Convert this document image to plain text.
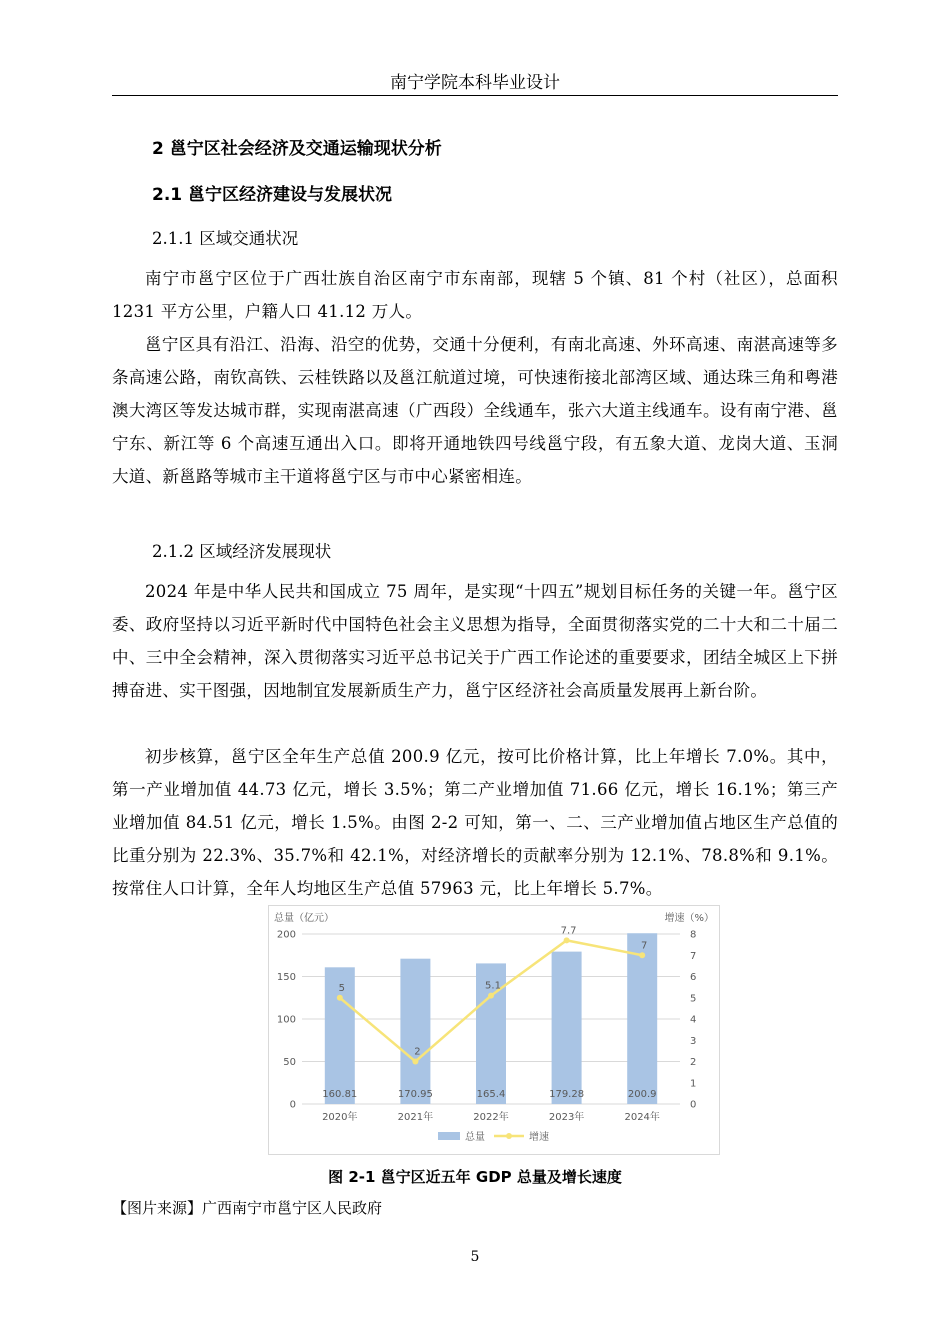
南宁学院本科毕业设计
2 邕宁区社会经济及交通运输现状分析
2.1 邕宁区经济建设与发展状况
2.1.1 区域交通状况

南宁市邕宁区位于广西壮族自治区南宁市东南部，现辖 5 个镇、81 个村（社区），总面积 1231 平方公里，户籍人口 41.12 万人。

邕宁区具有沿江、沿海、沿空的优势，交通十分便利，有南北高速、外环高速、南湛高速等多条高速公路，南钦高铁、云桂铁路以及邕江航道过境，可快速衔接北部湾区域、通达珠三角和粤港澳大湾区等发达城市群，实现南湛高速（广西段）全线通车，张六大道主线通车。设有南宁港、邕宁东、新江等 6 个高速互通出入口。即将开通地铁四号线邕宁段，有五象大道、龙岗大道、玉洞大道、新邕路等城市主干道将邕宁区与市中心紧密相连。

2.1.2 区域经济发展现状

2024 年是中华人民共和国成立 75 周年，是实现“十四五”规划目标任务的关键一年。邕宁区委、政府坚持以习近平新时代中国特色社会主义思想为指导，全面贯彻落实党的二十大和二十届二中、三中全会精神，深入贯彻落实习近平总书记关于广西工作论述的重要要求，团结全城区上下拼搏奋进、实干图强，因地制宜发展新质生产力，邕宁区经济社会高质量发展再上新台阶。

初步核算，邕宁区全年生产总值 200.9 亿元，按可比价格计算，比上年增长 7.0%。其中，第一产业增加值 44.73 亿元，增长 3.5%；第二产业增加值 71.66 亿元，增长 16.1%；第三产业增加值 84.51 亿元，增长 1.5%。由图 2-2 可知，第一、二、三产业增加值占地区生产总值的比重分别为 22.3%、35.7%和 42.1%，对经济增长的贡献率分别为 12.1%、78.8%和 9.1%。按常住人口计算，全年人均地区生产总值 57963 元，比上年增长 5.7%。

总量（亿元）	增速（%）
0
50
100
150
200
0
1
2
3
4
5
6
7
8
2020年	2021年	2022年	2023年	2024年
160.81	170.95	165.4	179.28	200.9
5
2
5.1
7.7
7
总量	增速
图 2-1 邕宁区近五年 GDP 总量及增长速度
【图片来源】广西南宁市邕宁区人民政府
5
